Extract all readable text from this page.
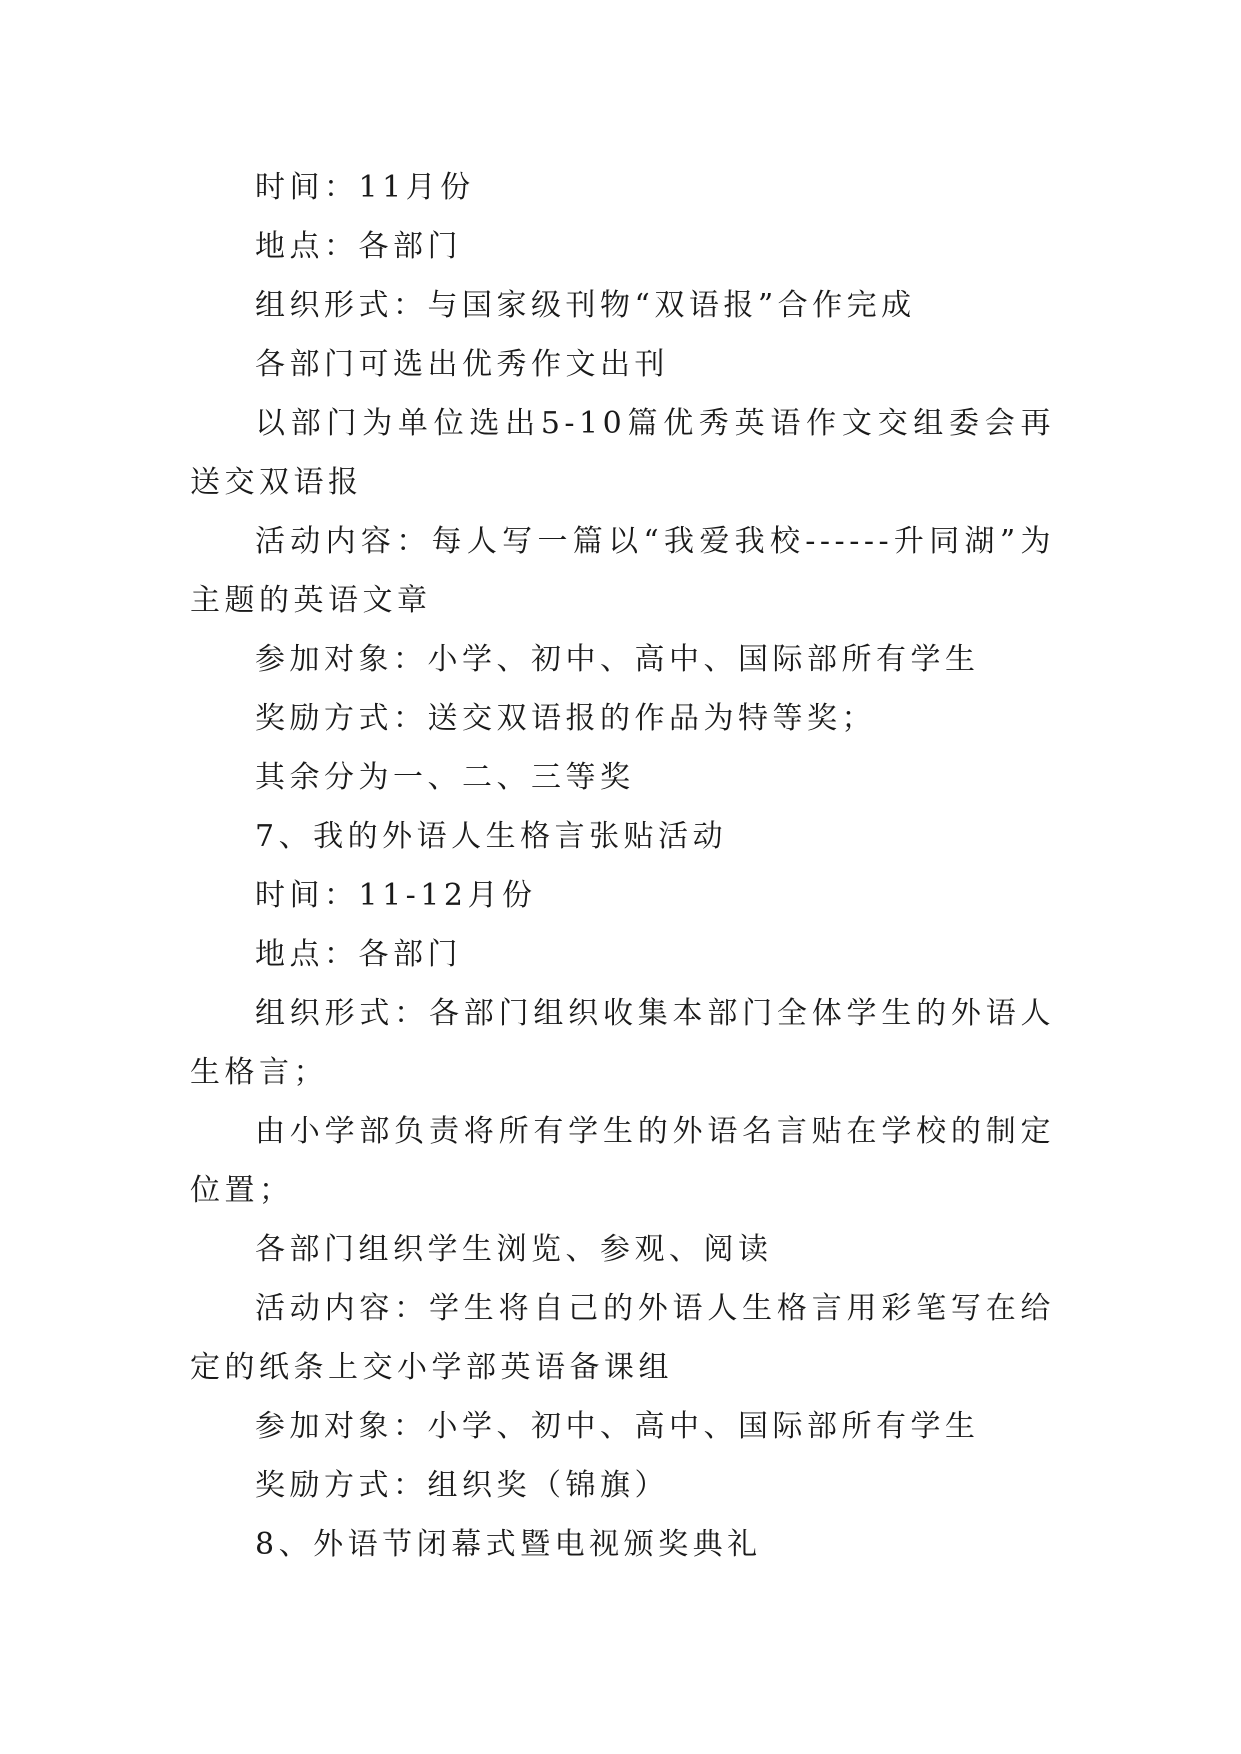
时间：11月份

地点：各部门

组织形式：与国家级刊物“双语报”合作完成

各部门可选出优秀作文出刊

以部门为单位选出5-10篇优秀英语作文交组委会再送交双语报

活动内容：每人写一篇以“我爱我校------升同湖”为主题的英语文章

参加对象：小学、初中、高中、国际部所有学生

奖励方式：送交双语报的作品为特等奖；

其余分为一、二、三等奖

7、我的外语人生格言张贴活动

时间：11-12月份

地点：各部门

组织形式：各部门组织收集本部门全体学生的外语人生格言；

由小学部负责将所有学生的外语名言贴在学校的制定位置；

各部门组织学生浏览、参观、阅读

活动内容：学生将自己的外语人生格言用彩笔写在给定的纸条上交小学部英语备课组

参加对象：小学、初中、高中、国际部所有学生

奖励方式：组织奖（锦旗）

8、外语节闭幕式暨电视颁奖典礼
